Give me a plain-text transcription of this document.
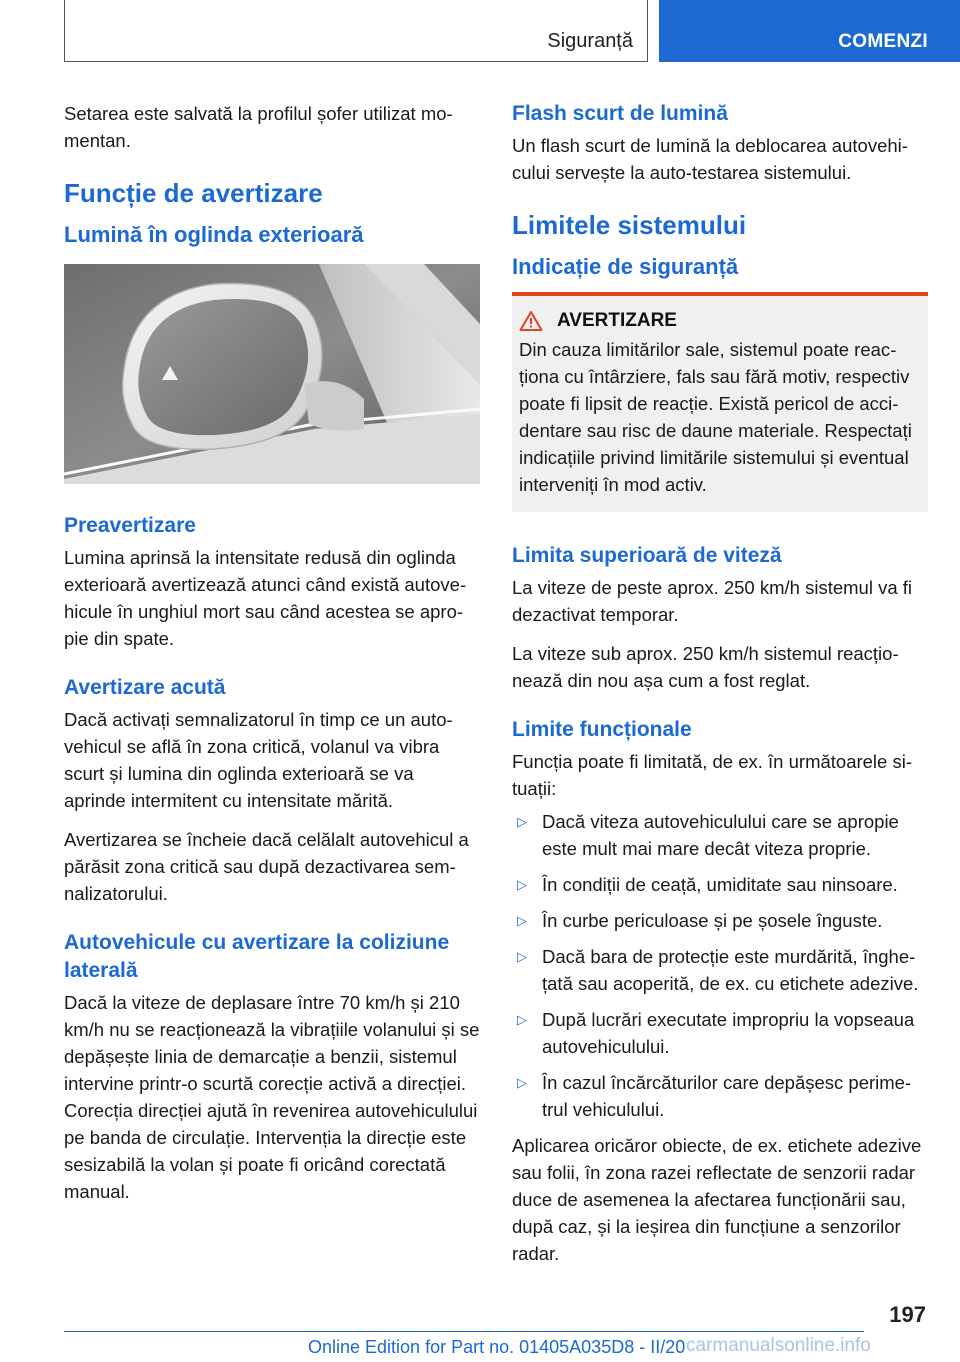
Siguranță	COMENZI

Setarea este salvată la profilul șofer utilizat momentan.

Funcție de avertizare
Lumină în oglinda exterioară
Preavertizare

Lumina aprinsă la intensitate redusă din oglinda exterioară avertizează atunci când există autovehicule în unghiul mort sau când acestea se apropie din spate.

Avertizare acută

Dacă activați semnalizatorul în timp ce un autovehicul se află în zona critică, volanul va vibra scurt și lumina din oglinda exterioară se va aprinde intermitent cu intensitate mărită.

Avertizarea se încheie dacă celălalt autovehicul a părăsit zona critică sau după dezactivarea semnalizatorului.

Autovehicule cu avertizare la coliziune laterală

Dacă la viteze de deplasare între 70 km/h și 210 km/h nu se reacționează la vibrațiile volanului și se depășește linia de demarcație a benzii, sistemul intervine printr-o scurtă corecție activă a direcției. Corecția direcției ajută în revenirea autovehiculului pe banda de circulație. Intervenția la direcție este sesizabilă la volan și poate fi oricând corectată manual.

Flash scurt de lumină

Un flash scurt de lumină la deblocarea autovehicului servește la auto-testarea sistemului.

Limitele sistemului
Indicație de siguranță
AVERTIZARE

Din cauza limitărilor sale, sistemul poate reacționa cu întârziere, fals sau fără motiv, respectiv poate fi lipsit de reacție. Există pericol de accidentare sau risc de daune materiale. Respectați indicațiile privind limitările sistemului și eventual interveniți în mod activ.

Limita superioară de viteză

La viteze de peste aprox. 250 km/h sistemul va fi dezactivat temporar.

La viteze sub aprox. 250 km/h sistemul reacționează din nou așa cum a fost reglat.

Limite funcționale

Funcția poate fi limitată, de ex. în următoarele situații:

▷ Dacă viteza autovehiculului care se apropie este mult mai mare decât viteza proprie.
▷ În condiții de ceață, umiditate sau ninsoare.
▷ În curbe periculoase și pe șosele înguste.
▷ Dacă bara de protecție este murdărită, înghețată sau acoperită, de ex. cu etichete adezive.
▷ După lucrări executate impropriu la vopseaua autovehiculului.
▷ În cazul încărcăturilor care depășesc perimetrul vehiculului.

Aplicarea oricăror obiecte, de ex. etichete adezive sau folii, în zona razei reflectate de senzorii radar duce de asemenea la afectarea funcționării sau, după caz, și la ieșirea din funcțiune a senzorilor radar.

197
Online Edition for Part no. 01405A035D8 - II/20 carmanualsonline.info
